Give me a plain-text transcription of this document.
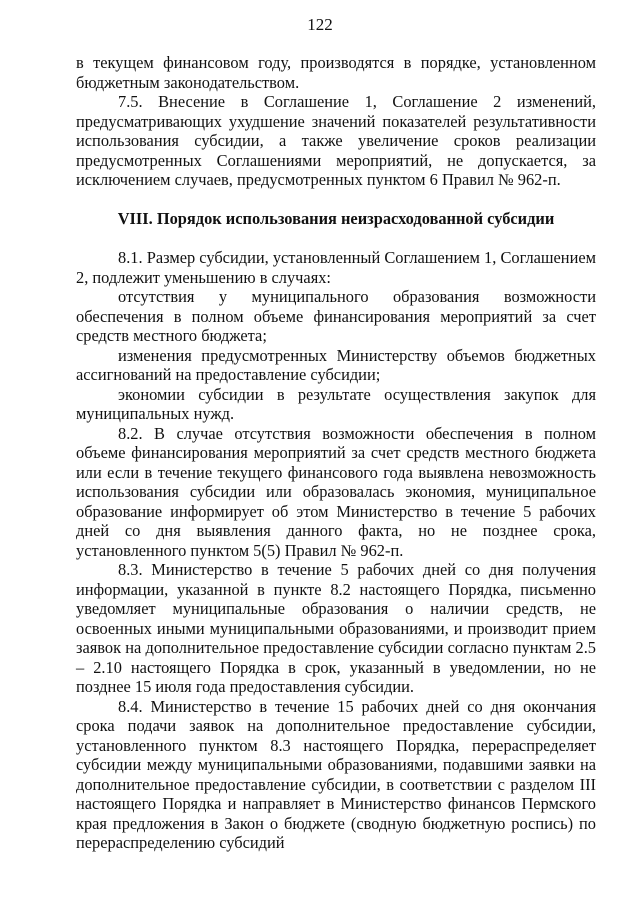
122

в текущем финансовом году, производятся в порядке, установленном бюджетным законодательством.

7.5. Внесение в Соглашение 1, Соглашение 2 изменений, предусматривающих ухудшение значений показателей результативности использования субсидии, а также увеличение сроков реализации предусмотренных Соглашениями мероприятий, не допускается, за исключением случаев, предусмотренных пунктом 6 Правил № 962-п.

VIII. Порядок использования неизрасходованной субсидии

8.1. Размер субсидии, установленный Соглашением 1, Соглашением 2, подлежит уменьшению в случаях:

отсутствия у муниципального образования возможности обеспечения в полном объеме финансирования мероприятий за счет средств местного бюджета;

изменения предусмотренных Министерству объемов бюджетных ассигнований на предоставление субсидии;

экономии субсидии в результате осуществления закупок для муниципальных нужд.

8.2. В случае отсутствия возможности обеспечения в полном объеме финансирования мероприятий за счет средств местного бюджета или если в течение текущего финансового года выявлена невозможность использования субсидии или образовалась экономия, муниципальное образование информирует об этом Министерство в течение 5 рабочих дней со дня выявления данного факта, но не позднее срока, установленного пунктом 5(5) Правил № 962-п.

8.3. Министерство в течение 5 рабочих дней со дня получения информации, указанной в пункте 8.2 настоящего Порядка, письменно уведомляет муниципальные образования о наличии средств, не освоенных иными муниципальными образованиями, и производит прием заявок на дополнительное предоставление субсидии согласно пунктам 2.5 – 2.10 настоящего Порядка в срок, указанный в уведомлении, но не позднее 15 июля года предоставления субсидии.

8.4. Министерство в течение 15 рабочих дней со дня окончания срока подачи заявок на дополнительное предоставление субсидии, установленного пунктом 8.3 настоящего Порядка, перераспределяет субсидии между муниципальными образованиями, подавшими заявки на дополнительное предоставление субсидии, в соответствии с разделом III настоящего Порядка и направляет в Министерство финансов Пермского края предложения в Закон о бюджете (сводную бюджетную роспись) по перераспределению субсидий
